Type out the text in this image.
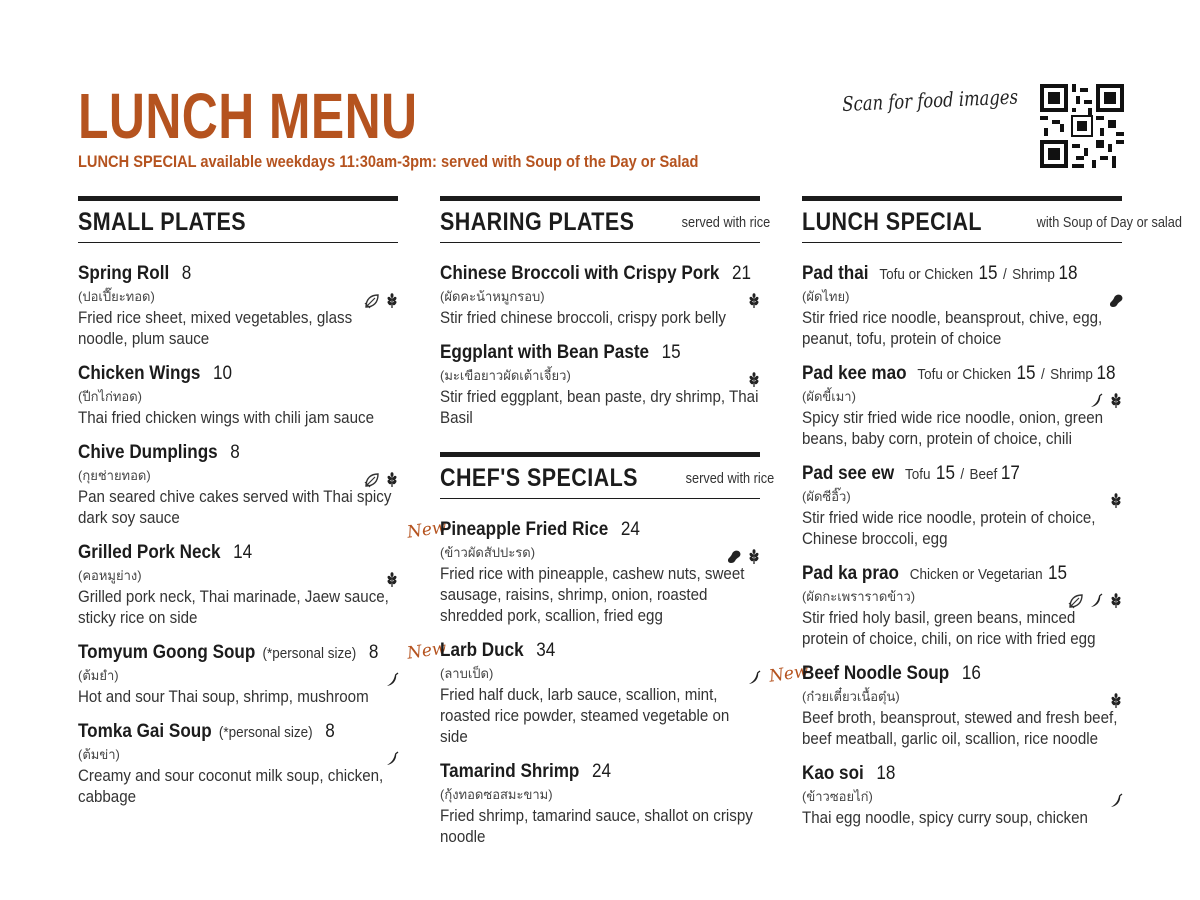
LUNCH MENU
LUNCH SPECIAL available weekdays 11:30am-3pm: served with Soup of the Day or Salad
Scan for food images
SMALL PLATES
Spring Roll 8
(ปอเปี๊ยะทอด)
Fried rice sheet, mixed vegetables, glass noodle, plum sauce
Chicken Wings 10
(ปีกไก่ทอด)
Thai fried chicken wings with chili jam sauce
Chive Dumplings 8
(กุยช่ายทอด)
Pan seared chive cakes served with Thai spicy dark soy sauce
Grilled Pork Neck 14
(คอหมูย่าง)
Grilled pork neck, Thai marinade, Jaew sauce, sticky rice on side
Tomyum Goong Soup (*personal size) 8
(ต้มยำ)
Hot and sour Thai soup, shrimp, mushroom
Tomka Gai Soup (*personal size) 8
(ต้มข่า)
Creamy and sour coconut milk soup, chicken, cabbage
SHARING PLATES	served with rice
Chinese Broccoli with Crispy Pork 21
(ผัดคะน้าหมูกรอบ)
Stir fried chinese broccoli, crispy pork belly
Eggplant with Bean Paste 15
(มะเขือยาวผัดเต้าเจี้ยว)
Stir fried eggplant, bean paste, dry shrimp, Thai Basil
CHEF'S SPECIALS	served with rice
New
Pineapple Fried Rice 24
(ข้าวผัดสัปปะรด)
Fried rice with pineapple, cashew nuts, sweet sausage, raisins, shrimp, onion, roasted shredded pork, scallion, fried egg
New
Larb Duck 34
(ลาบเป็ด)
Fried half duck, larb sauce, scallion, mint, roasted rice powder, steamed vegetable on side
Tamarind Shrimp 24
(กุ้งทอดซอสมะขาม)
Fried shrimp, tamarind sauce, shallot on crispy noodle
LUNCH SPECIAL	with Soup of Day or salad
Pad thai Tofu or Chicken 15 / Shrimp 18
(ผัดไทย)
Stir fried rice noodle, beansprout, chive, egg, peanut, tofu, protein of choice
Pad kee mao Tofu or Chicken 15 / Shrimp 18
(ผัดขี้เมา)
Spicy stir fried wide rice noodle, onion, green beans, baby corn, protein of choice, chili
Pad see ew Tofu 15 / Beef 17
(ผัดซีอิ๊ว)
Stir fried wide rice noodle, protein of choice, Chinese broccoli, egg
Pad ka prao Chicken or Vegetarian 15
(ผัดกะเพราราดข้าว)
Stir fried holy basil, green beans, minced protein of choice, chili, on rice with fried egg
New
Beef Noodle Soup 16
(ก๋วยเตี๋ยวเนื้อตุ๋น)
Beef broth, beansprout, stewed and fresh beef, beef meatball, garlic oil, scallion, rice noodle
Kao soi 18
(ข้าวซอยไก่)
Thai egg noodle, spicy curry soup, chicken
